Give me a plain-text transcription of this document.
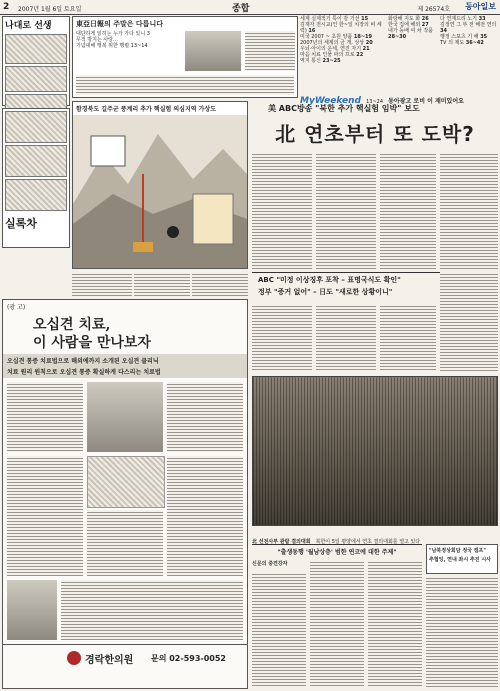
2 2007년 1월 6일 토요일	종합	제 26574호 동아일보
나대로 선생
실록차
東亞日報의 주말은 다릅니다
대단하게 읽히는 누가 가다 있니 3
무적 방지는 사랑…
기념대해 행복 위한 행렬 13~14
세계 실제적기 특이 감 기선 15
김재자 전시교(인 한~일 치장의 비 세력) 16
미국 2007 ~ 초원 양품 18~19
2007년의 세계의 금 개, 상상 20
우뇌·아이의 운세, 연진 자기 21
마음 치료 인물 파의 프로 22
역지 통신 23~25
화랑해 지도 화 26
한국 집에 해외 27
내가 동배 여 차 작품 28~30
다 연재드리 노기 33
김정연 그 부 전 해전 연의 34
행정 스포츠 기 해 35
TV 의 제도 36~42
MyWeekend 13~24 동아광고 로비 이 재미있어요
함경북도 길주군 풍계리 추가 핵실험 의심지역 가상도	美 ABC방송 "북한 추가 핵실험 임박" 보도
北 연초부터 또 도박?
ABC "미정 이상징후 포착 – 표명국식도 확인"
정부 "증거 없어" – 日도 "새로한 상황이니"
(광 고)
오십견 치료,
이 사람을 만나보자
오십견 통증 치료법으로 해외에까지 소개된 오십견 클리닉
치료 원리 원칙으로 오십견 통증 확실하게 다스리는 치료법
경락한의원 문의 02-593-0052
北 선전사부 관람 결의대회 북한이 5일 평양에서 연초 결의대회를 열고 있다
"출생동행 '월남상층' 범한 연코에 대한 주제"
신문의 중견강자
"남북정상회담 정국 캠프"
추협잉, 연내 좌시 추진 시사
